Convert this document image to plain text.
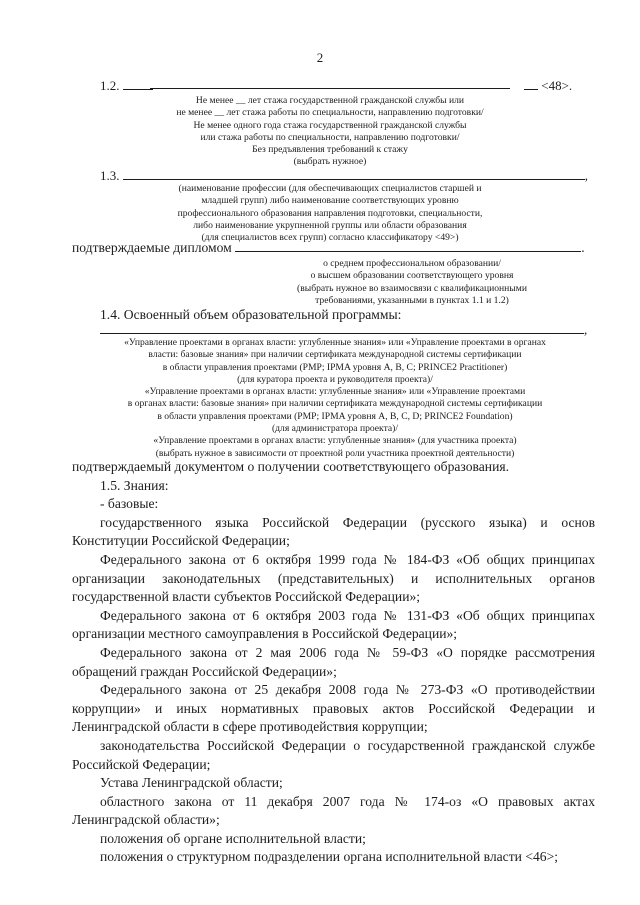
2
1.2.	<48>.
Не менее __ лет стажа государственной гражданской службы или
не менее __ лет стажа работы по специальности, направлению подготовки/
Не менее одного года стажа государственной гражданской службы
или стажа работы по специальности, направлению подготовки/
Без предъявления требований к стажу
(выбрать нужное)
1.3.	,
(наименование профессии (для обеспечивающих специалистов старшей и
младшей групп) либо наименование соответствующих уровню
профессионального образования направления подготовки, специальности,
либо наименование укрупненной группы или области образования
(для специалистов всех групп) согласно классификатору <49>)
подтверждаемые дипломом	.
о среднем профессиональном образовании/
о высшем образовании соответствующего уровня
(выбрать нужное во взаимосвязи с квалификационными
требованиями, указанными в пунктах 1.1 и 1.2)
1.4. Освоенный объем образовательной программы:
,
«Управление проектами в органах власти: углубленные знания» или «Управление проектами в органах
власти: базовые знания» при наличии сертификата международной системы сертификации
в области управления проектами (PMP; IPMA уровня A, B, C; PRINCE2 Practitioner)
(для куратора проекта и руководителя проекта)/
«Управление проектами в органах власти: углубленные знания» или «Управление проектами
в органах власти: базовые знания» при наличии сертификата международной системы сертификации
в области управления проектами (PMP; IPMA уровня A, B, C, D; PRINCE2 Foundation)
(для администратора проекта)/
«Управление проектами в органах власти: углубленные знания» (для участника проекта)
(выбрать нужное в зависимости от проектной роли участника проектной деятельности)

подтверждаемый документом о получении соответствующего образования.

1.5. Знания:

- базовые:

государственного языка Российской Федерации (русского языка) и основ Конституции Российской Федерации;

Федерального закона от 6 октября 1999 года № 184-ФЗ «Об общих принципах организации законодательных (представительных) и исполнительных органов государственной власти субъектов Российской Федерации»;

Федерального закона от 6 октября 2003 года № 131-ФЗ «Об общих принципах организации местного самоуправления в Российской Федерации»;

Федерального закона от 2 мая 2006 года № 59-ФЗ «О порядке рассмотрения обращений граждан Российской Федерации»;

Федерального закона от 25 декабря 2008 года № 273-ФЗ «О противодействии коррупции» и иных нормативных правовых актов Российской Федерации и Ленинградской области в сфере противодействия коррупции;

законодательства Российской Федерации о государственной гражданской службе Российской Федерации;

Устава Ленинградской области;

областного закона от 11 декабря 2007 года № 174-оз «О правовых актах Ленинградской области»;

положения об органе исполнительной власти;

положения о структурном подразделении органа исполнительной власти <46>;
